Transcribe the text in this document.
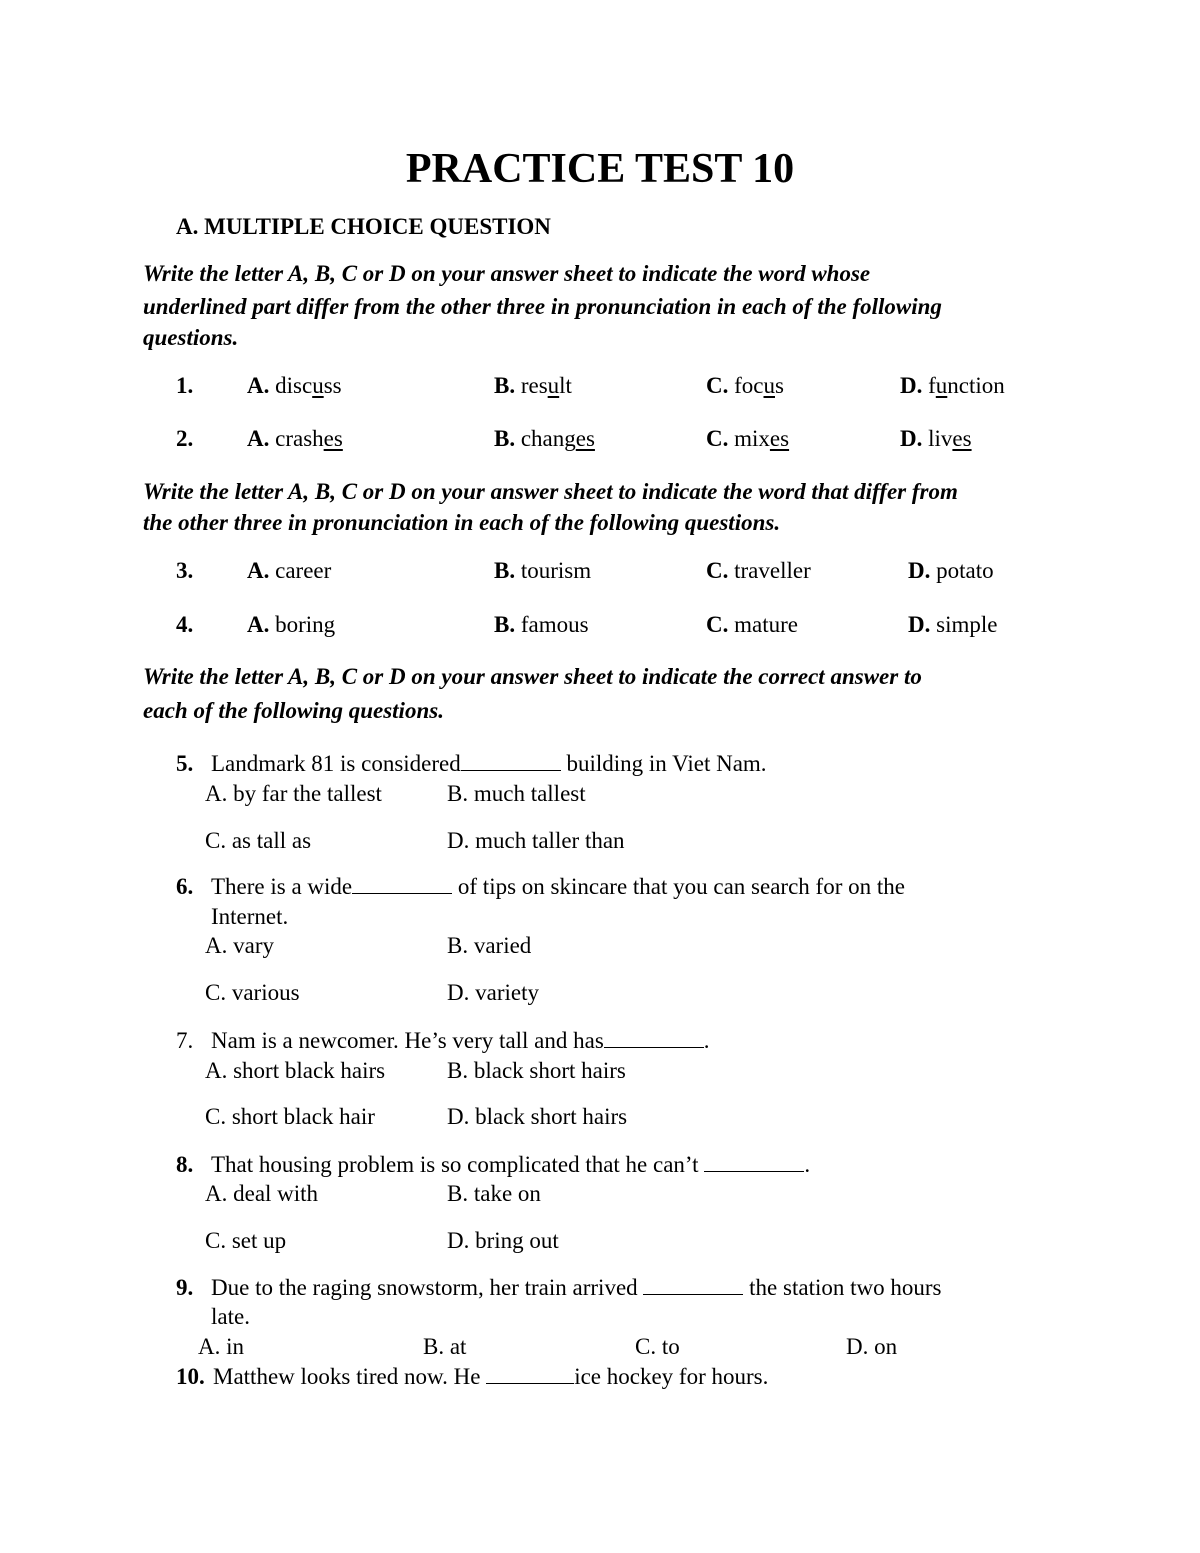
PRACTICE TEST 10
A. MULTIPLE CHOICE QUESTION
Write the letter A, B, C or D on your answer sheet to indicate the word whose
underlined part differ from the other three in pronunciation in each of the following
questions.
1. A. discuss	B. result	C. focus	D. function
2. A. crashes	B. changes	C. mixes	D. lives
Write the letter A, B, C or D on your answer sheet to indicate the word that differ from
the other three in pronunciation in each of the following questions.
3. A. career	B. tourism	C. traveller	D. potato
4. A. boring	B. famous	C. mature	D. simple
Write the letter A, B, C or D on your answer sheet to indicate the correct answer to
each of the following questions.
5. Landmark 81 is considered	building in Viet Nam.
A. by far the tallest	B. much tallest
C. as tall as	D. much taller than
6. There is a wide	of tips on skincare that you can search for on the
Internet.
A. vary	B. varied
C. various	D. variety
7. Nam is a newcomer. He’s very tall and has	.
A. short black hairs	B. black short hairs
C. short black hair	D. black short hairs
8. That housing problem is so complicated that he can’t	.
A. deal with	B. take on
C. set up	D. bring out
9. Due to the raging snowstorm, her train arrived	the station two hours
late.
A. in	B. at	C. to	D. on
10. Matthew looks tired now. He	ice hockey for hours.
